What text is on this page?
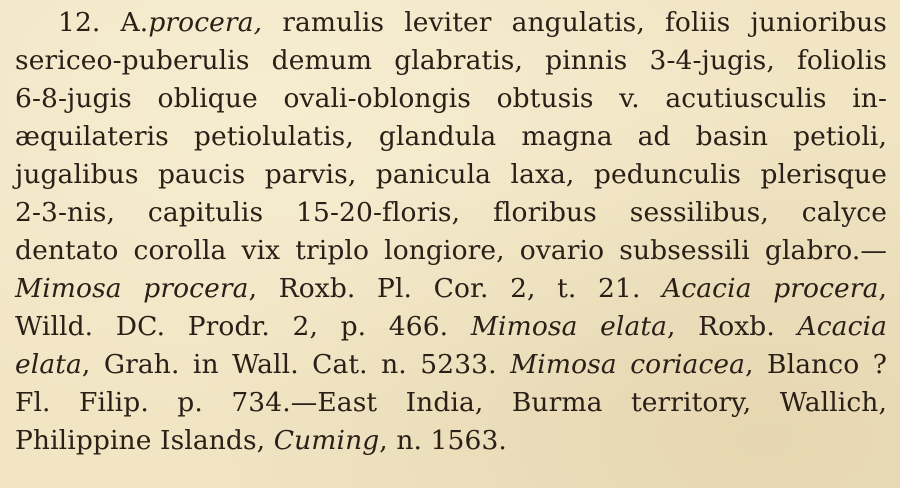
12. A.procera, ramulis leviter angulatis, foliis junioribus
sericeo-puberulis demum glabratis, pinnis 3-4-jugis, foliolis
6-8-jugis oblique ovali-oblongis obtusis v. acutiusculis in-
æquilateris petiolulatis, glandula magna ad basin petioli,
jugalibus paucis parvis, panicula laxa, pedunculis plerisque
2-3-nis, capitulis 15-20-floris, floribus sessilibus, calyce
dentato corolla vix triplo longiore, ovario subsessili glabro.—
Mimosa procera, Roxb. Pl. Cor. 2, t. 21. Acacia procera,
Willd. DC. Prodr. 2, p. 466. Mimosa elata, Roxb. Acacia
elata, Grah. in Wall. Cat. n. 5233. Mimosa coriacea, Blanco ?
Fl. Filip. p. 734.—East India, Burma territory, Wallich,
Philippine Islands, Cuming, n. 1563.
